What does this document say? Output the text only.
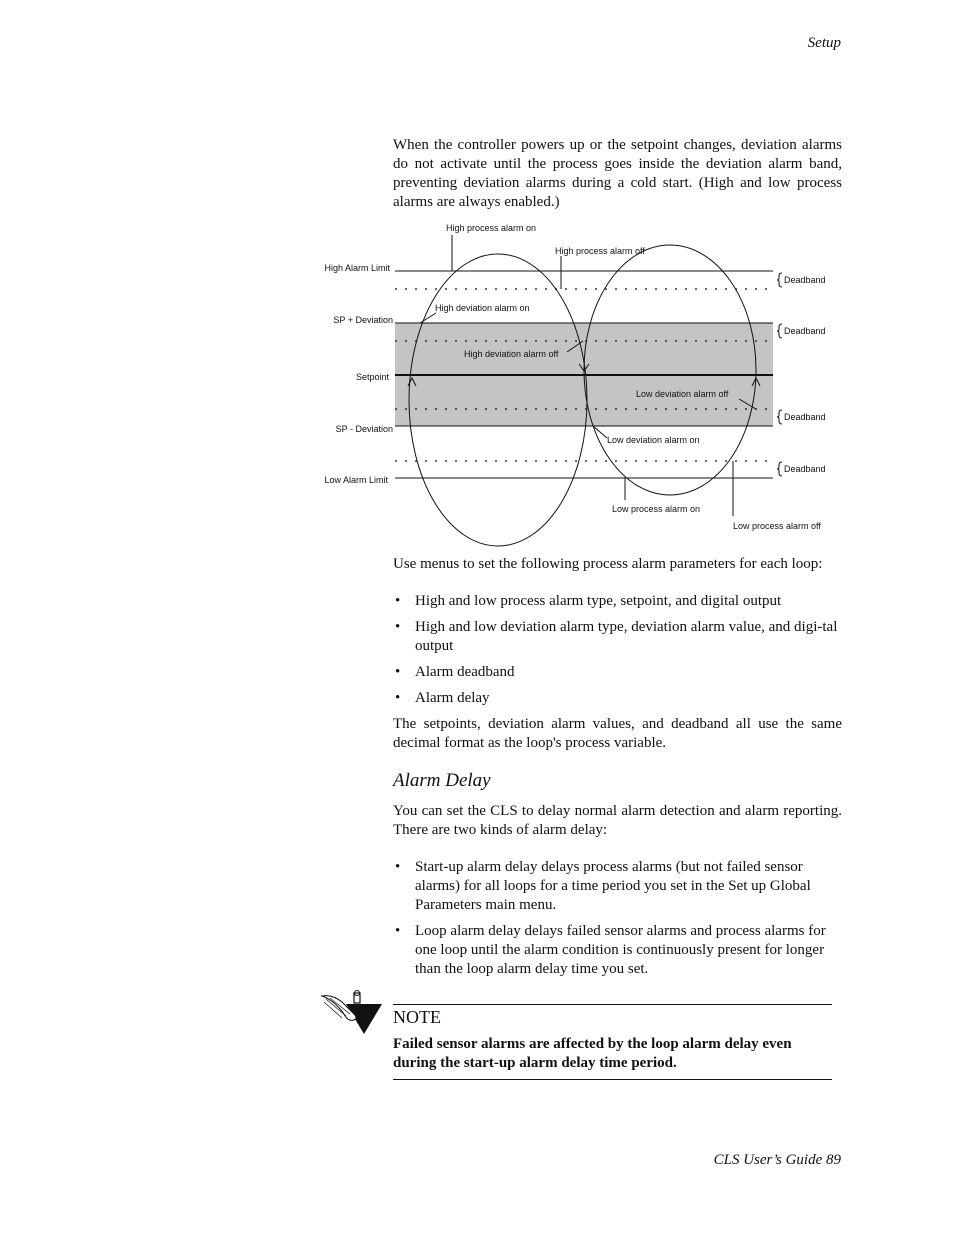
Setup
When the controller powers up or the setpoint changes, deviation alarms do not activate until the process goes inside the deviation alarm band, preventing deviation alarms during a cold start. (High and low process alarms are always enabled.)
High Alarm Limit
SP + Deviation
Setpoint
SP - Deviation
Low Alarm Limit
High process alarm on
High process alarm off
High deviation alarm on
High deviation alarm off
Low deviation alarm off
Low deviation alarm on
Low process alarm on
Low process alarm off
Deadband
Deadband
Deadband
Deadband
Use menus to set the following process alarm parameters for each loop:
• High and low process alarm type, setpoint, and digital output
• High and low deviation alarm type, deviation alarm value, and digi-tal output
• Alarm deadband
• Alarm delay
The setpoints, deviation alarm values, and deadband all use the same decimal format as the loop's process variable.
Alarm Delay
You can set the CLS to delay normal alarm detection and alarm reporting. There are two kinds of alarm delay:
• Start-up alarm delay delays process alarms (but not failed sensor alarms) for all loops for a time period you set in the Set up Global Parameters main menu.
• Loop alarm delay delays failed sensor alarms and process alarms for one loop until the alarm condition is continuously present for longer than the loop alarm delay time you set.
NOTE
Failed sensor alarms are affected by the loop alarm delay even during the start-up alarm delay time period.
CLS User’s Guide 89
